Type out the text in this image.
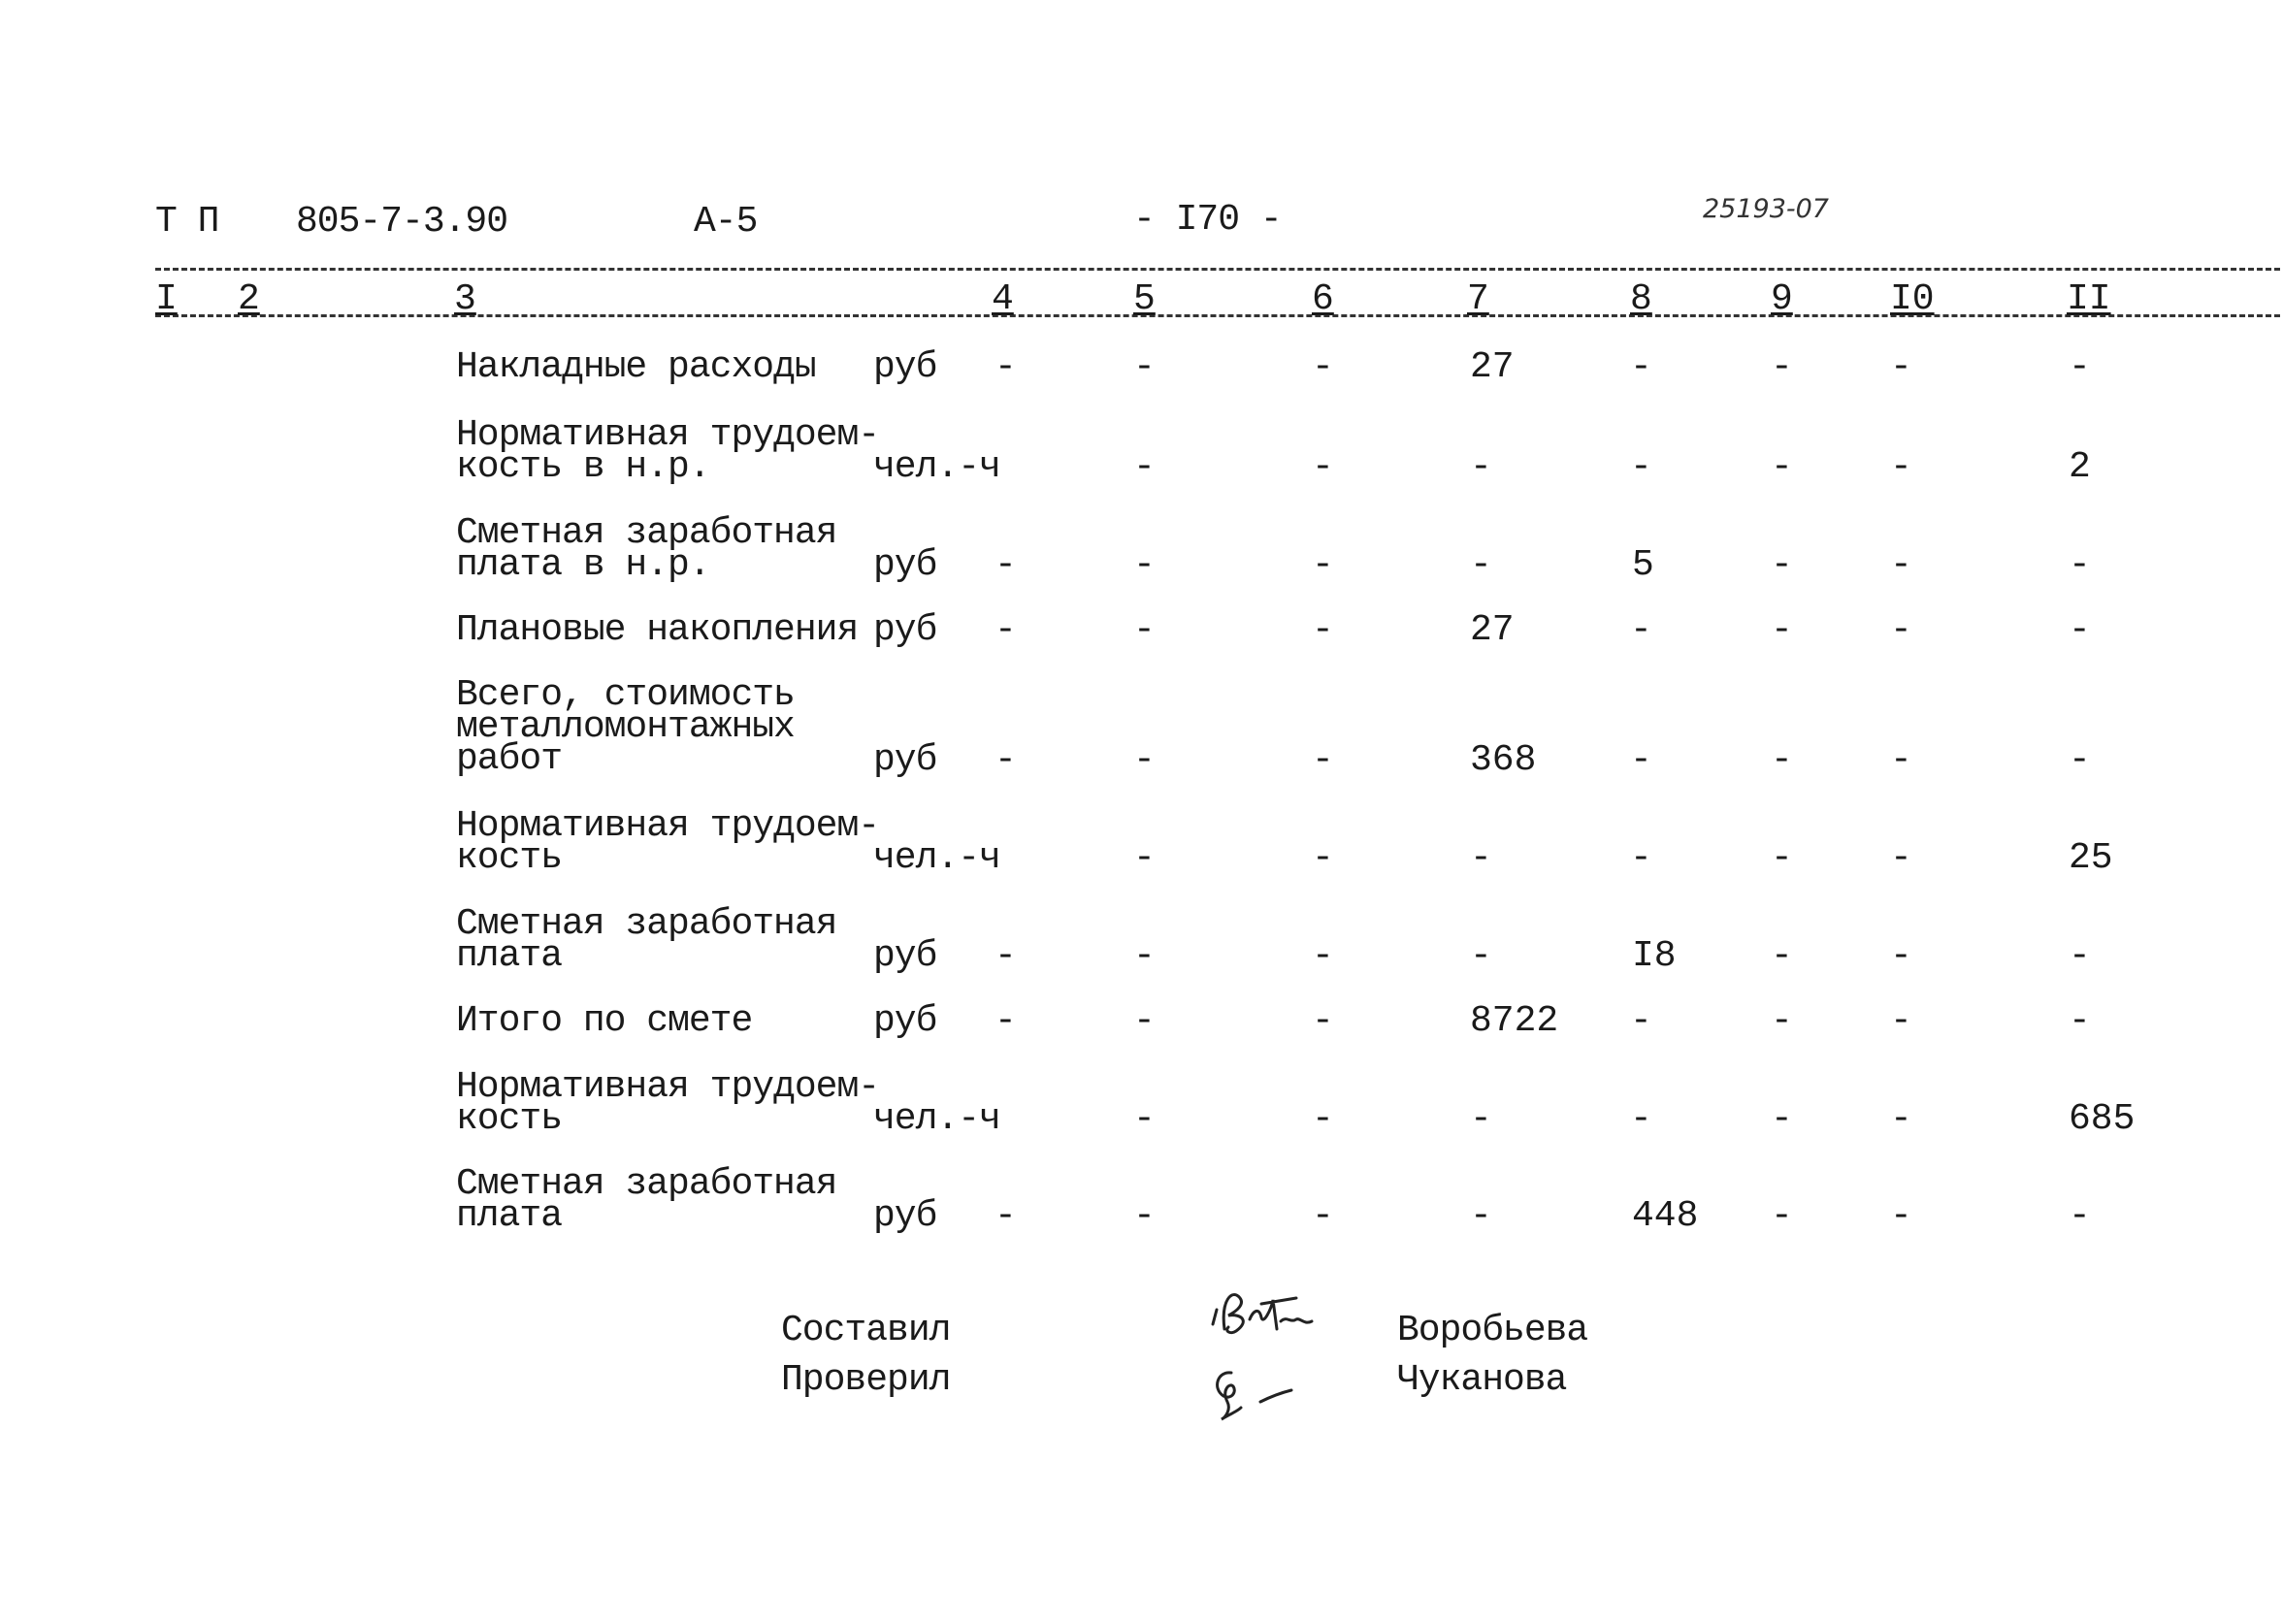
Т П 805-7-3.90	А-5	- I70 -	25193-07
I 2	3	4	5	6	7	8	9	I0	II
Накладные расходы	руб -	-	-	27	-	-	-	-
Нормативная трудоем-
кость в н.р.	чел.-ч	-	-	-	-	-	-	2
Сметная заработная
плата в н.р.	руб -	-	-	-	5	-	-	-
Плановые накопления руб -	-	-	27	-	-	-	-
Всего, стоимость
металломонтажных
работ	руб -	-	-	368	-	-	-	-
Нормативная трудоем-
кость	чел.-ч	-	-	-	-	-	-	25
Сметная заработная
плата	руб -	-	-	-	I8	-	-	-
Итого по смете	руб -	-	-	8722 -	-	-	-
Нормативная трудоем-
кость	чел.-ч	-	-	-	-	-	-	685
Сметная заработная
плата	руб -	-	-	-	448 -	-	-
Составил
Проверил
Воробьева
Чуканова
